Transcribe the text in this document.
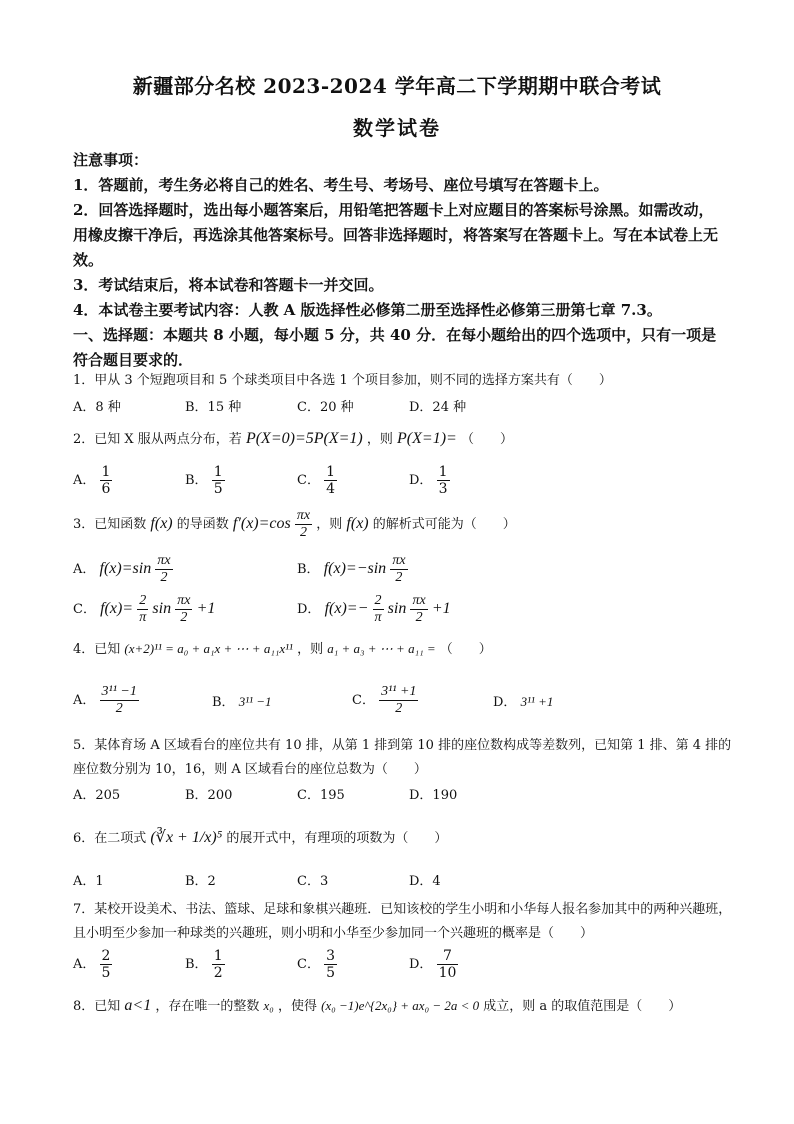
新疆部分名校 2023-2024 学年高二下学期期中联合考试
数学试卷
注意事项：
1．答题前，考生务必将自己的姓名、考生号、考场号、座位号填写在答题卡上。
2．回答选择题时，选出每小题答案后，用铅笔把答题卡上对应题目的答案标号涂黑。如需改动，用橡皮擦干净后，再选涂其他答案标号。回答非选择题时，将答案写在答题卡上。写在本试卷上无效。
3．考试结束后，将本试卷和答题卡一并交回。
4．本试卷主要考试内容：人教 A 版选择性必修第二册至选择性必修第三册第七章 7.3。
一、选择题：本题共 8 小题，每小题 5 分，共 40 分．在每小题给出的四个选项中，只有一项是符合题目要求的．
1．甲从 3 个短跑项目和 5 个球类项目中各选 1 个项目参加，则不同的选择方案共有（　　）
A．8 种	B．15 种	C．20 种	D．24 种
2．已知 X 服从两点分布，若 P(X=0)=5P(X=1) ，则 P(X=1)= （　　）
A． $\frac{1}{6}$	B． $\frac{1}{5}$	C． $\frac{1}{4}$	D． $\frac{1}{3}$
3．已知函数 f(x) 的导函数 $f'(x)=\cos \frac{\pi x}{2}$ ，则 f(x) 的解析式可能为（　　）
A． $f(x)=\sin \frac{\pi x}{2}$	B． $f(x)=-\sin \frac{\pi x}{2}$
C． $f(x)= \frac{2}{\pi}$ $\sin \frac{\pi x}{2} +1$	D． $f(x)=- \frac{2}{\pi}$ $\sin \frac{\pi x}{2} +1$
4．已知 (x+2)¹¹ = a₀ + a₁x + ⋯ + a₁₁x¹¹ ，则 a₁ + a₃ + ⋯ + a₁₁ = （　　）
A． $\frac{\text{3¹¹ −1}}{2}$	B． 3¹¹ −1	C． $\frac{\text{3¹¹ +1}}{2}$	D． 3¹¹ +1
5．某体育场 A 区域看台的座位共有 10 排，从第 1 排到第 10 排的座位数构成等差数列，已知第 1 排、第 4 排的座位数分别为 10，16，则 A 区域看台的座位总数为（　　）
A．205	B．200	C．195	D．190
6．在二项式 (∛x + 1/x)⁵ 的展开式中，有理项的项数为（　　）
A．1	B．2	C．3	D．4
7．某校开设美术、书法、篮球、足球和象棋兴趣班．已知该校的学生小明和小华每人报名参加其中的两种兴趣班，且小明至少参加一种球类的兴趣班，则小明和小华至少参加同一个兴趣班的概率是（　　）
A． $\frac{2}{5}$	B． $\frac{1}{2}$	C． $\frac{3}{5}$	D． $\frac{7}{10}$
8．已知 a<1 ，存在唯一的整数 x₀ ，使得 (x₀ −1)e^{2x₀} + ax₀ − 2a < 0 成立，则 a 的取值范围是（　　）
